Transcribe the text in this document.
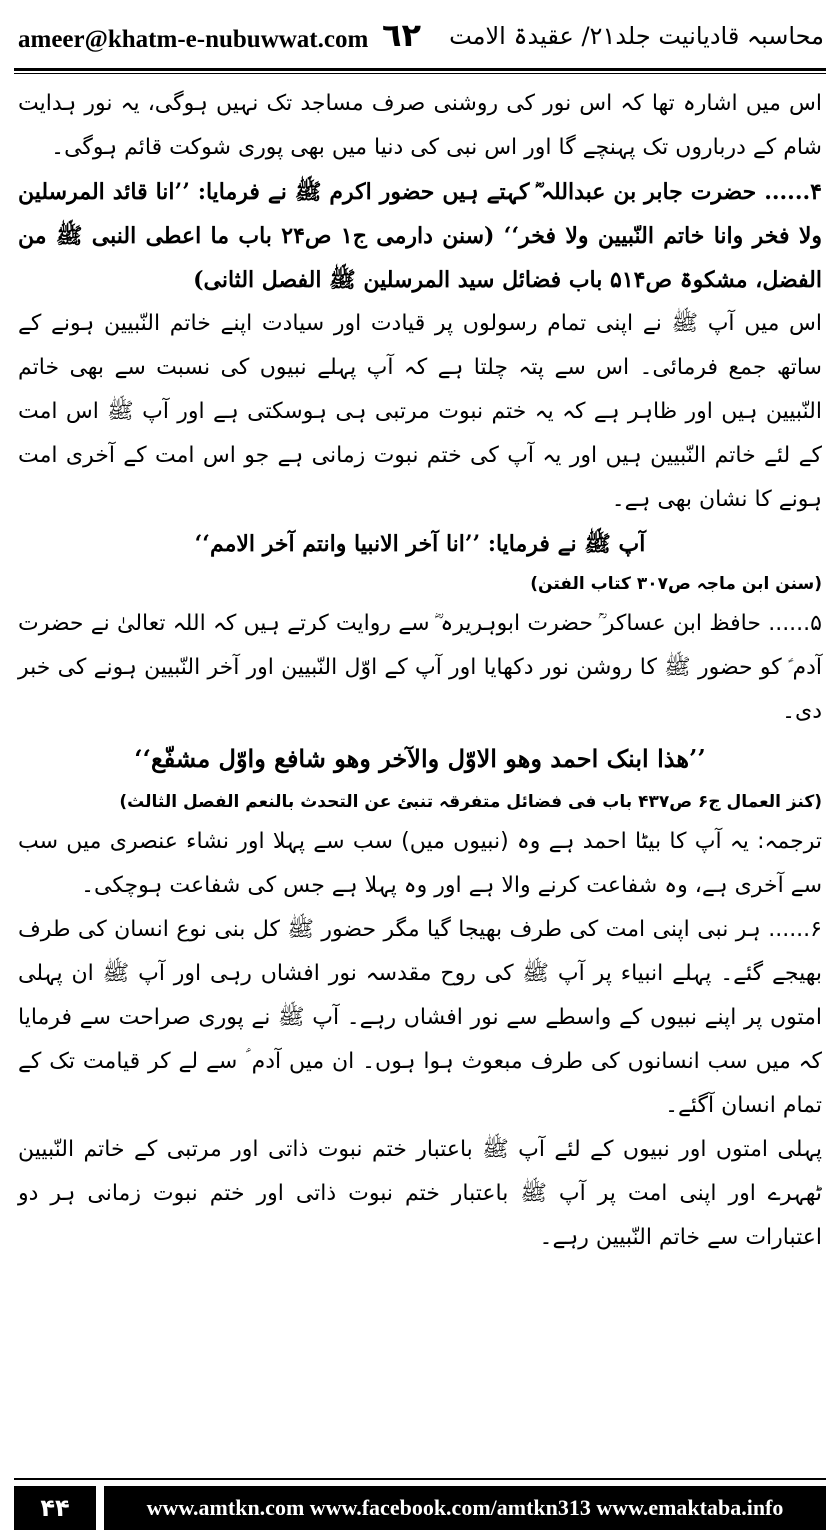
ameer@khatm-e-nubuwwat.com ٦٢ محاسبہ قادیانیت جلد۲۱/ عقیدۃ الامت

اس میں اشارہ تھا کہ اس نور کی روشنی صرف مساجد تک نہیں ہوگی، یہ نور ہدایت شام کے درباروں تک پہنچے گا اور اس نبی کی دنیا میں بھی پوری شوکت قائم ہوگی۔

۴...... حضرت جابر بن عبداللہ ؓ کہتے ہیں حضور اکرم ﷺ نے فرمایا: ’’انا قائد المرسلین ولا فخر وانا خاتم النّبیین ولا فخر‘‘ (سنن دارمی ج۱ ص۲۴ باب ما اعطی النبی ﷺ من الفضل، مشکوۃ ص۵۱۴ باب فضائل سید المرسلین ﷺ الفصل الثانی)

اس میں آپ ﷺ نے اپنی تمام رسولوں پر قیادت اور سیادت اپنے خاتم النّبیین ہونے کے ساتھ جمع فرمائی۔ اس سے پتہ چلتا ہے کہ آپ پہلے نبیوں کی نسبت سے بھی خاتم النّبیین ہیں اور ظاہر ہے کہ یہ ختم نبوت مرتبی ہی ہوسکتی ہے اور آپ ﷺ اس امت کے لئے خاتم النّبیین ہیں اور یہ آپ کی ختم نبوت زمانی ہے جو اس امت کے آخری امت ہونے کا نشان بھی ہے۔

آپ ﷺ نے فرمایا: ’’انا آخر الانبیا وانتم آخر الامم‘‘

(سنن ابن ماجہ ص۳۰۷ کتاب الفتن)

۵...... حافظ ابن عساکر ؒ حضرت ابوہریرہ ؓ سے روایت کرتے ہیں کہ اللہ تعالیٰ نے حضرت آدم ؑ کو حضور ﷺ کا روشن نور دکھایا اور آپ کے اوّل النّبیین اور آخر النّبیین ہونے کی خبر دی۔

’’ھذا ابنک احمد وھو الاوّل والآخر وھو شافع واوّل مشفّع‘‘

(کنز العمال ج۶ ص۴۳۷ باب فی فضائل متفرقہ تنبئ عن التحدث بالنعم الفصل الثالث)

ترجمہ: یہ آپ کا بیٹا احمد ہے وہ (نبیوں میں) سب سے پہلا اور نشاء عنصری میں سب سے آخری ہے، وہ شفاعت کرنے والا ہے اور وہ پہلا ہے جس کی شفاعت ہوچکی۔

۶...... ہر نبی اپنی امت کی طرف بھیجا گیا مگر حضور ﷺ کل بنی نوع انسان کی طرف بھیجے گئے۔ پہلے انبیاء پر آپ ﷺ کی روح مقدسہ نور افشاں رہی اور آپ ﷺ ان پہلی امتوں پر اپنے نبیوں کے واسطے سے نور افشاں رہے۔ آپ ﷺ نے پوری صراحت سے فرمایا کہ میں سب انسانوں کی طرف مبعوث ہوا ہوں۔ ان میں آدم ؑ سے لے کر قیامت تک کے تمام انسان آگئے۔

پہلی امتوں اور نبیوں کے لئے آپ ﷺ باعتبار ختم نبوت ذاتی اور مرتبی کے خاتم النّبیین ٹھہرے اور اپنی امت پر آپ ﷺ باعتبار ختم نبوت ذاتی اور ختم نبوت زمانی ہر دو اعتبارات سے خاتم النّبیین رہے۔

۴۴	www.amtkn.com www.facebook.com/amtkn313 www.emaktaba.info
